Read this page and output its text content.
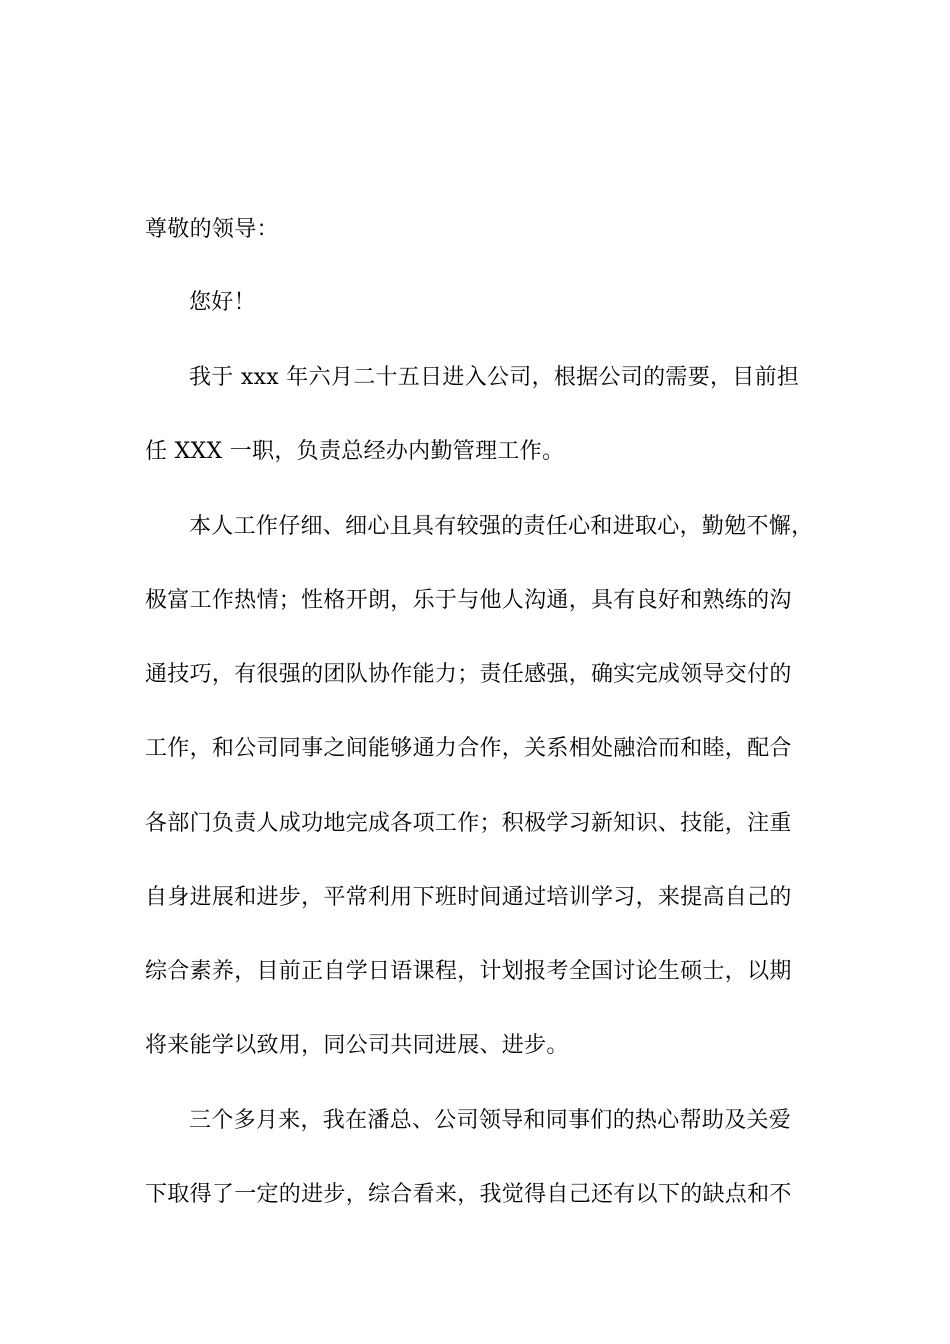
尊敬的领导：
您好！
我于 xxx 年六月二十五日进入公司，根据公司的需要，目前担
任 XXX 一职，负责总经办内勤管理工作。
本人工作仔细、细心且具有较强的责任心和进取心，勤勉不懈，
极富工作热情；性格开朗，乐于与他人沟通，具有良好和熟练的沟
通技巧，有很强的团队协作能力；责任感强，确实完成领导交付的
工作，和公司同事之间能够通力合作，关系相处融洽而和睦，配合
各部门负责人成功地完成各项工作；积极学习新知识、技能，注重
自身进展和进步，平常利用下班时间通过培训学习，来提高自己的
综合素养，目前正自学日语课程，计划报考全国讨论生硕士，以期
将来能学以致用，同公司共同进展、进步。
三个多月来，我在潘总、公司领导和同事们的热心帮助及关爱
下取得了一定的进步，综合看来，我觉得自己还有以下的缺点和不
